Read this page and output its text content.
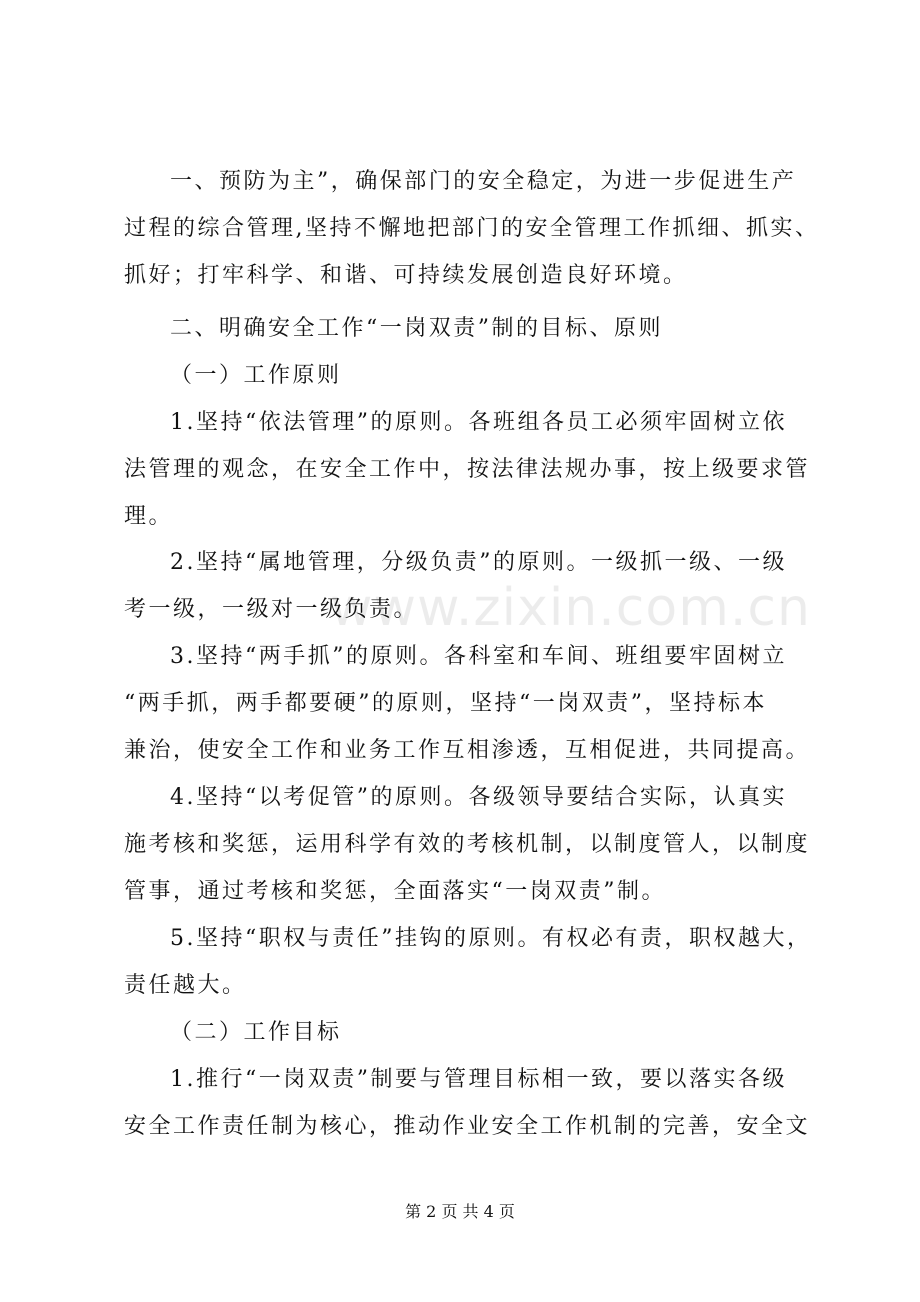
www.zixin.com.cn
一、预防为主”，确保部门的安全稳定，为进一步促进生产
过程的综合管理,坚持不懈地把部门的安全管理工作抓细、抓实、
抓好；打牢科学、和谐、可持续发展创造良好环境。
二、明确安全工作“一岗双责”制的目标、原则
（一）工作原则
1.坚持“依法管理”的原则。各班组各员工必须牢固树立依
法管理的观念，在安全工作中，按法律法规办事，按上级要求管
理。
2.坚持“属地管理，分级负责”的原则。一级抓一级、一级
考一级，一级对一级负责。
3.坚持“两手抓”的原则。各科室和车间、班组要牢固树立
“两手抓，两手都要硬”的原则，坚持“一岗双责”，坚持标本
兼治，使安全工作和业务工作互相渗透，互相促进，共同提高。
4.坚持“以考促管”的原则。各级领导要结合实际，认真实
施考核和奖惩，运用科学有效的考核机制，以制度管人，以制度
管事，通过考核和奖惩，全面落实“一岗双责”制。
5.坚持“职权与责任”挂钩的原则。有权必有责，职权越大，
责任越大。
（二）工作目标
1.推行“一岗双责”制要与管理目标相一致，要以落实各级
安全工作责任制为核心，推动作业安全工作机制的完善，安全文
第 2 页 共 4 页
